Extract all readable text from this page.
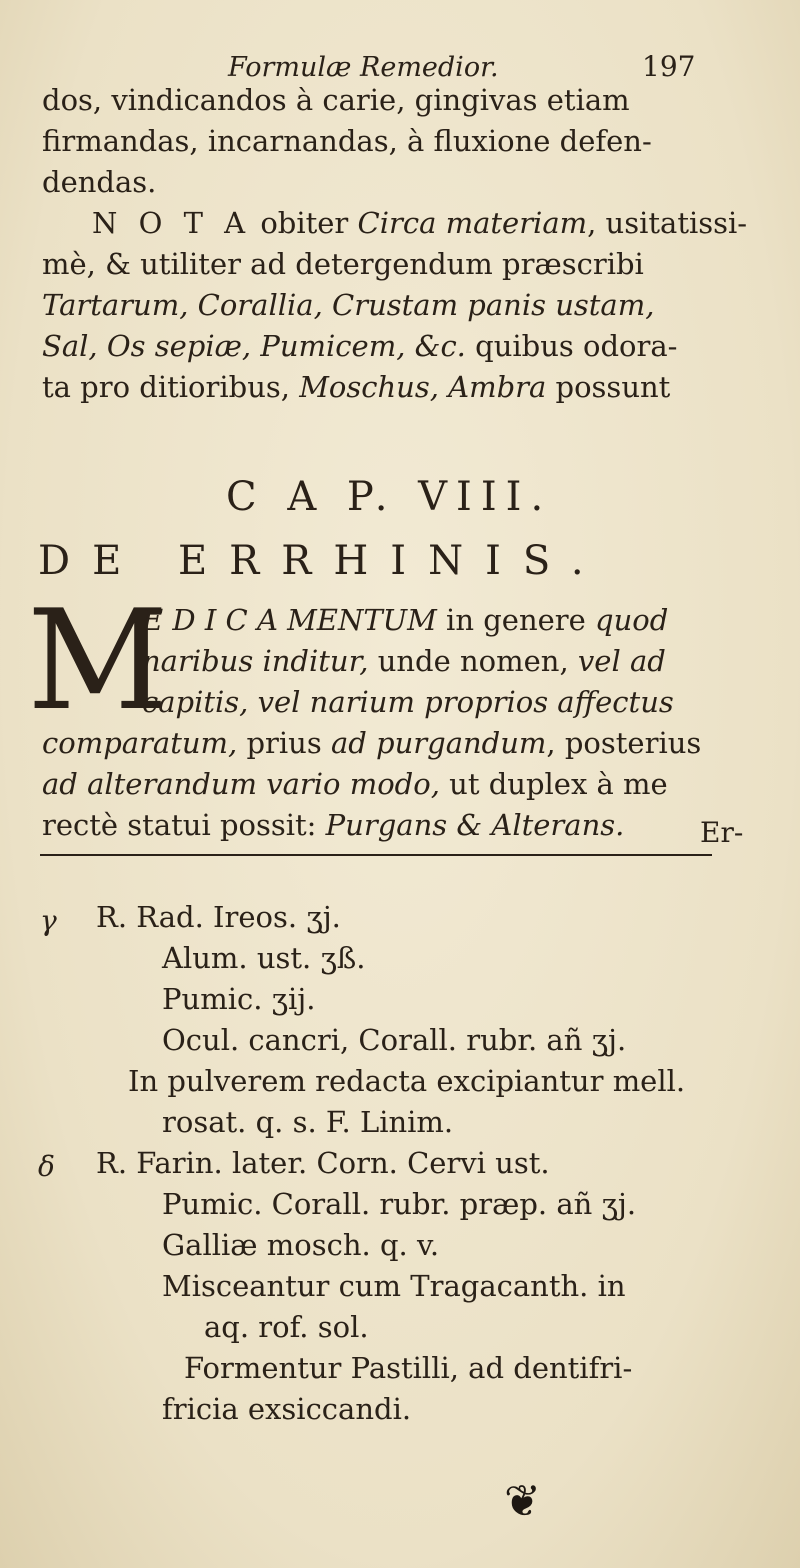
Formulæ Remedior.	197
dos, vindicandos à carie, gingivas etiam
firmandas, incarnandas, à fluxione defen-
dendas.
N O T A obiter Circa materiam, usitatissi-
mè, & utiliter ad detergendum præscribi
Tartarum, Corallia, Crustam panis ustam,
Sal, Os sepiæ, Pumicem, &c. quibus odora-
ta pro ditioribus, Moschus, Ambra possunt
C A P. VIII.
DE ERRHINIS.
M
E D I C A MENTUM in genere quod
naribus inditur, unde nomen, vel ad
capitis, vel narium proprios affectus
comparatum, prius ad purgandum, posterius
ad alterandum vario modo, ut duplex à me
rectè statui possit: Purgans & Alterans.	Er-
γ R. Rad. Ireos. ʒj.
Alum. ust. ʒß.
Pumic. ʒij.
Ocul. cancri, Corall. rubr. añ ʒj.
In pulverem redacta excipiantur mell.
rosat. q. s. F. Linim.
δ R. Farin. later. Corn. Cervi ust.
Pumic. Corall. rubr. præp. añ ʒj.
Galliæ mosch. q. v.
Misceantur cum Tragacanth. in
aq. rof. sol.
Formentur Pastilli, ad dentifri-
fricia exsiccandi.
❦
